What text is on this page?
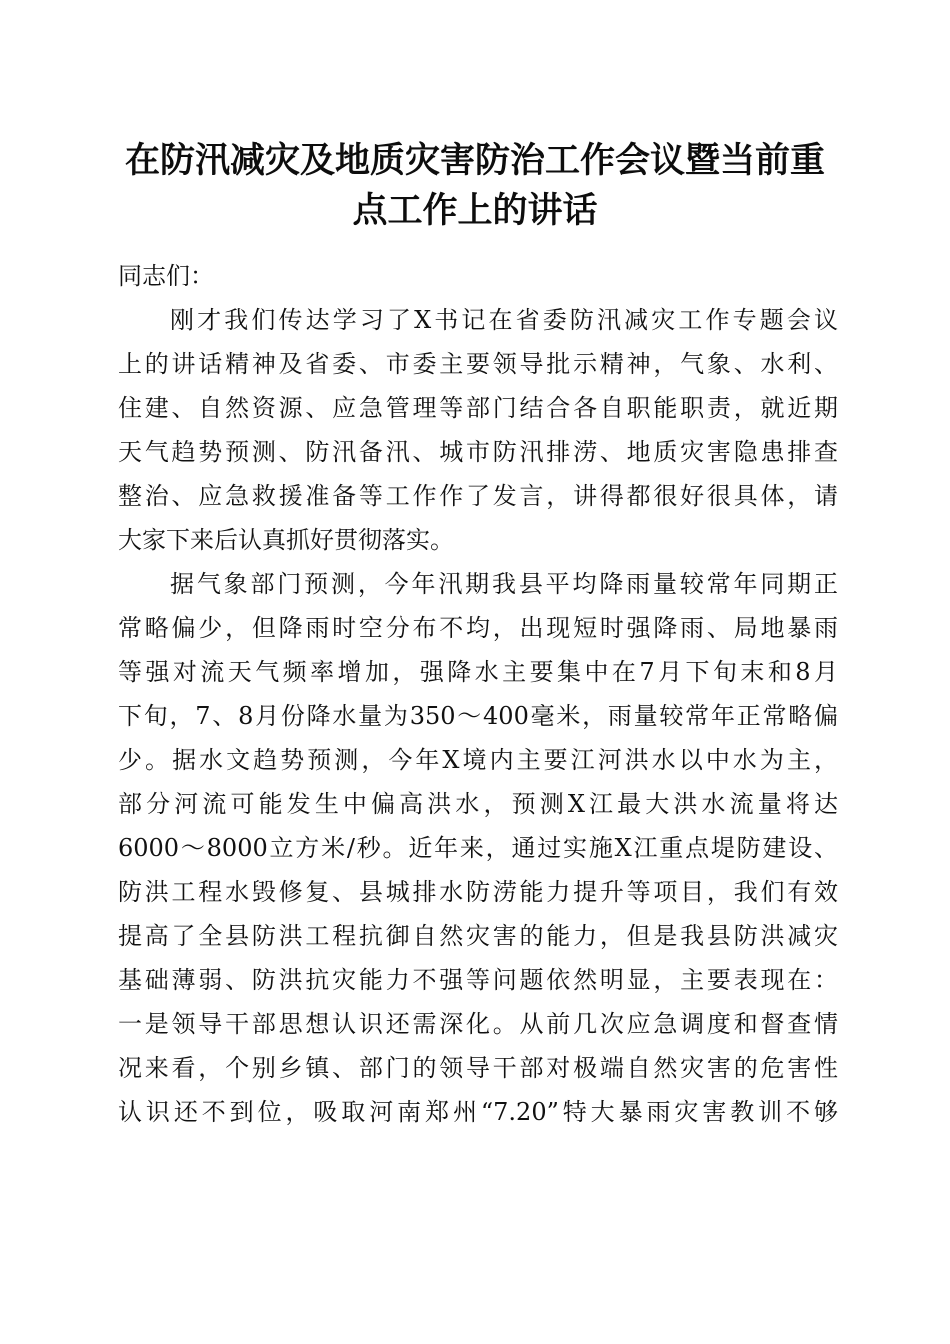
在防汛减灾及地质灾害防治工作会议暨当前重
点工作上的讲话
同志们：
刚才我们传达学习了X书记在省委防汛减灾工作专题会议
上的讲话精神及省委、市委主要领导批示精神，气象、水利、
住建、自然资源、应急管理等部门结合各自职能职责，就近期
天气趋势预测、防汛备汛、城市防汛排涝、地质灾害隐患排查
整治、应急救援准备等工作作了发言，讲得都很好很具体，请
大家下来后认真抓好贯彻落实。
据气象部门预测，今年汛期我县平均降雨量较常年同期正
常略偏少，但降雨时空分布不均，出现短时强降雨、局地暴雨
等强对流天气频率增加，强降水主要集中在7月下旬末和8月
下旬，7、8月份降水量为350～400毫米，雨量较常年正常略偏
少。据水文趋势预测，今年X境内主要江河洪水以中水为主，
部分河流可能发生中偏高洪水，预测X江最大洪水流量将达
6000～8000立方米/秒。近年来，通过实施X江重点堤防建设、
防洪工程水毁修复、县城排水防涝能力提升等项目，我们有效
提高了全县防洪工程抗御自然灾害的能力，但是我县防洪减灾
基础薄弱、防洪抗灾能力不强等问题依然明显，主要表现在：
一是领导干部思想认识还需深化。从前几次应急调度和督查情
况来看，个别乡镇、部门的领导干部对极端自然灾害的危害性
认识还不到位，吸取河南郑州“7.20”特大暴雨灾害教训不够
